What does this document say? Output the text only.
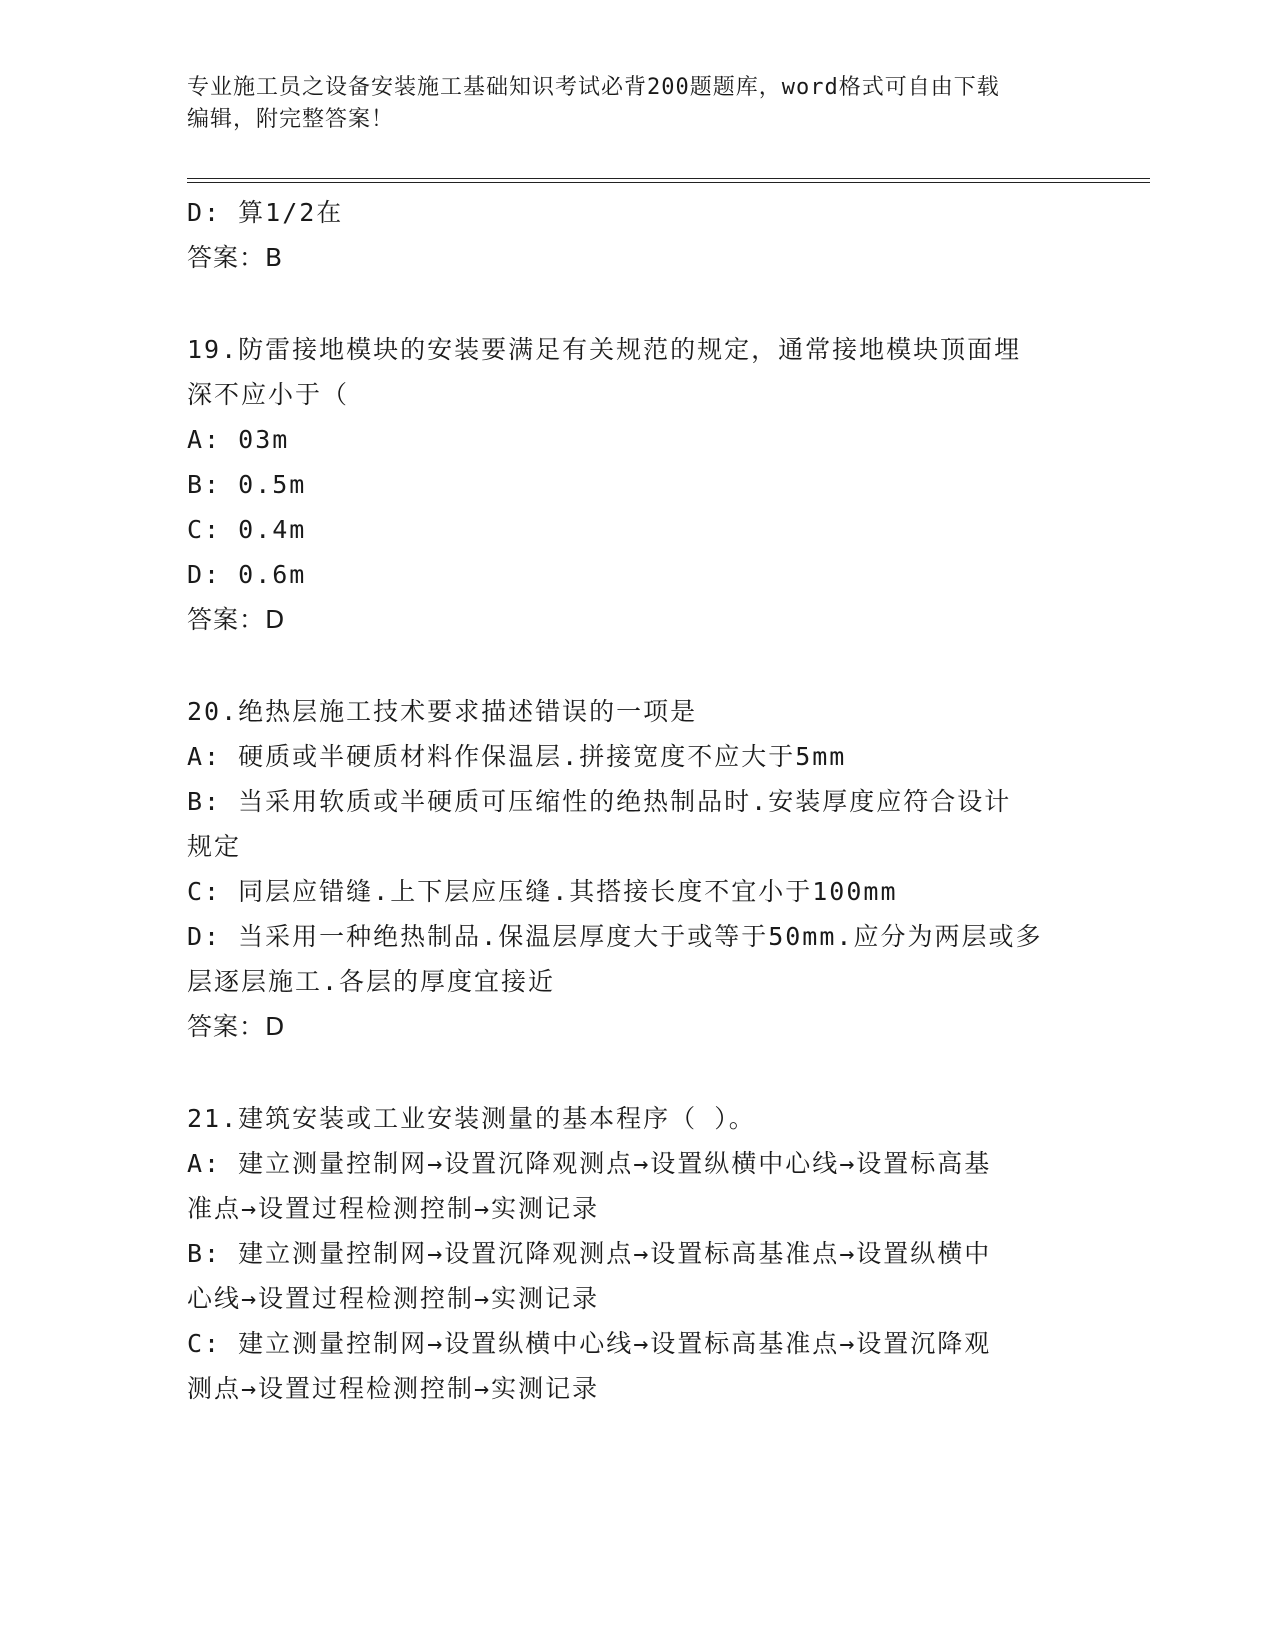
专业施工员之设备安装施工基础知识考试必背200题题库，word格式可自由下载
编辑，附完整答案！
D: 算1/2在
答案：B
19.防雷接地模块的安装要满足有关规范的规定，通常接地模块顶面埋
深不应小于（
A: 03m
B: 0.5m
C: 0.4m
D: 0.6m
答案：D
20.绝热层施工技术要求描述错误的一项是
A: 硬质或半硬质材料作保温层.拼接宽度不应大于5mm
B: 当采用软质或半硬质可压缩性的绝热制品时.安装厚度应符合设计
规定
C: 同层应错缝.上下层应压缝.其搭接长度不宜小于100mm
D: 当采用一种绝热制品.保温层厚度大于或等于50mm.应分为两层或多
层逐层施工.各层的厚度宜接近
答案：D
21.建筑安装或工业安装测量的基本程序（ ）。
A: 建立测量控制网→设置沉降观测点→设置纵横中心线→设置标高基
准点→设置过程检测控制→实测记录
B: 建立测量控制网→设置沉降观测点→设置标高基准点→设置纵横中
心线→设置过程检测控制→实测记录
C: 建立测量控制网→设置纵横中心线→设置标高基准点→设置沉降观
测点→设置过程检测控制→实测记录
